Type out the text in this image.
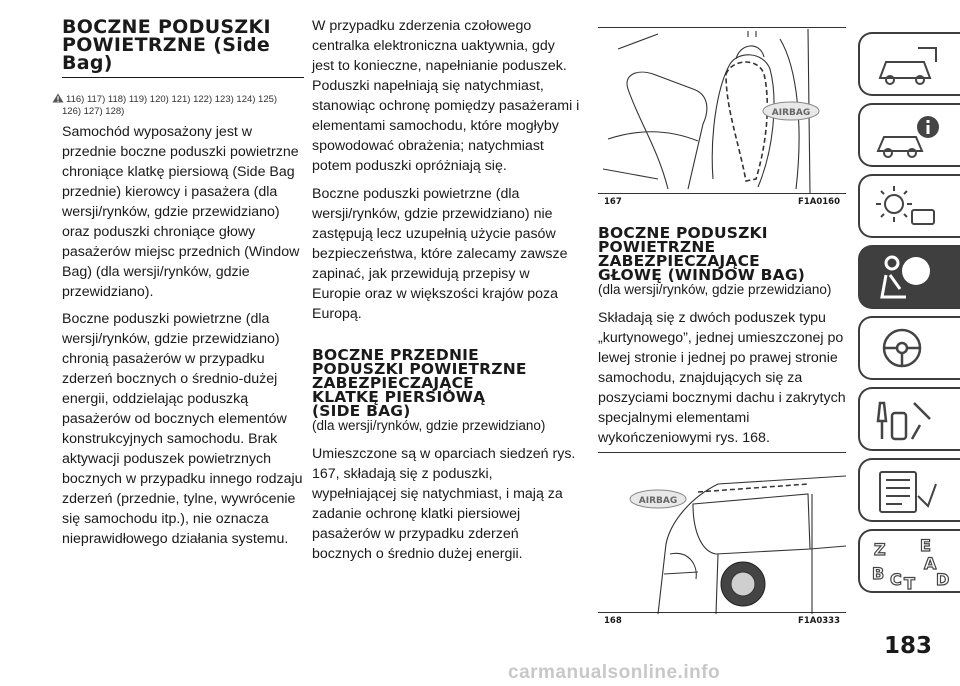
BOCZNE PODUSZKI
POWIETRZNE (Side
Bag)
116) 117) 118) 119) 120) 121) 122) 123) 124) 125)
126) 127) 128)

Samochód wyposażony jest w przednie boczne poduszki powietrzne chroniące klatkę piersiową (Side Bag przednie) kierowcy i pasażera (dla wersji/rynków, gdzie przewidziano) oraz poduszki chroniące głowy pasażerów miejsc przednich (Window Bag) (dla wersji/rynków, gdzie przewidziano).

Boczne poduszki powietrzne (dla wersji/rynków, gdzie przewidziano) chronią pasażerów w przypadku zderzeń bocznych o średnio-dużej energii, oddzielając poduszką pasażerów od bocznych elementów konstrukcyjnych samochodu. Brak aktywacji poduszek powietrznych bocznych w przypadku innego rodzaju zderzeń (przednie, tylne, wywrócenie się samochodu itp.), nie oznacza nieprawidłowego działania systemu.

W przypadku zderzenia czołowego centralka elektroniczna uaktywnia, gdy jest to konieczne, napełnianie poduszek. Poduszki napełniają się natychmiast, stanowiąc ochronę pomiędzy pasażerami i elementami samochodu, które mogłyby spowodować obrażenia; natychmiast potem poduszki opróżniają się.

Boczne poduszki powietrzne (dla wersji/rynków, gdzie przewidziano) nie zastępują lecz uzupełnią użycie pasów bezpieczeństwa, które zalecamy zawsze zapinać, jak przewidują przepisy w Europie oraz w większości krajów poza Europą.

BOCZNE PRZEDNIE
PODUSZKI POWIETRZNE
ZABEZPIECZAJĄCE
KLATKĘ PIERSIOWĄ
(SIDE BAG)
(dla wersji/rynków, gdzie przewidziano)

Umieszczone są w oparciach siedzeń rys. 167, składają się z poduszki, wypełniającej się natychmiast, i mają za zadanie ochronę klatki piersiowej pasażerów w przypadku zderzeń bocznych o średnio dużej energii.

AIRBAG
167	F1A0160
BOCZNE PODUSZKI
POWIETRZNE
ZABEZPIECZAJĄCE
GŁOWĘ (WINDOW BAG)
(dla wersji/rynków, gdzie przewidziano)

Składają się z dwóch poduszek typu „kurtynowego”, jednej umieszczonej po lewej stronie i jednej po prawej stronie samochodu, znajdujących się za poszyciami bocznymi dachu i zakrytych specjalnymi elementami wykończeniowymi rys. 168.

AIRBAG
168	F1A0333
Z E
A
B C T D
183
carmanualsonline.info
